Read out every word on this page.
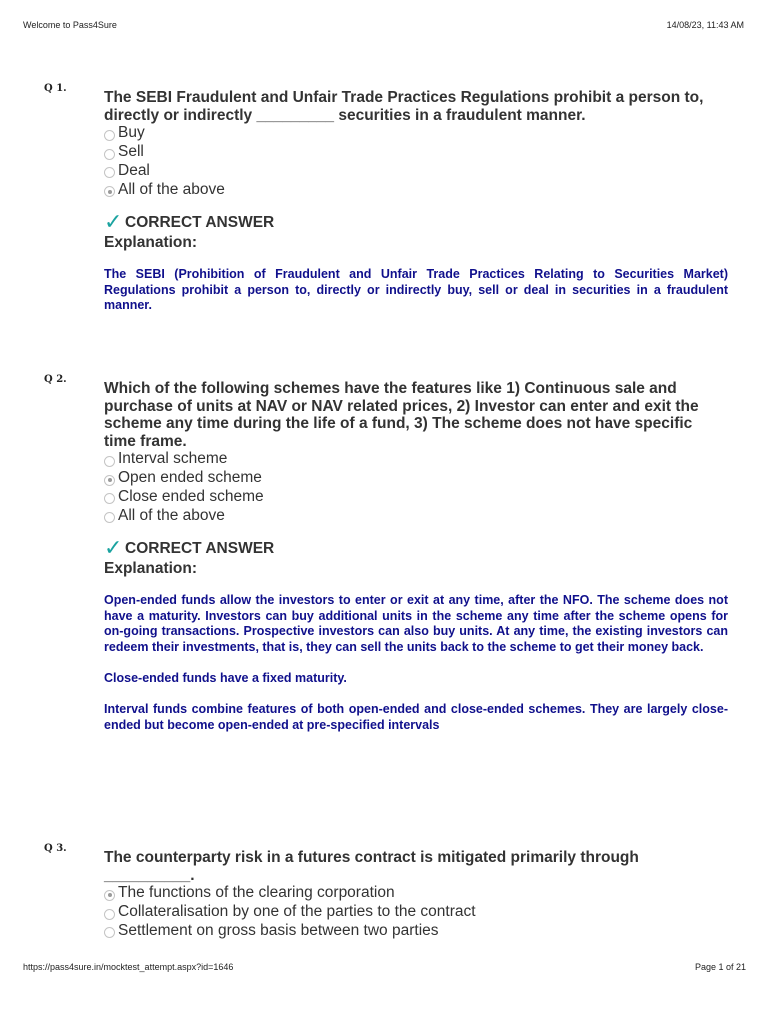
Welcome to Pass4Sure	14/08/23, 11:43 AM
Q 1.
The SEBI Fraudulent and Unfair Trade Practices Regulations prohibit a person to, directly or indirectly _________ securities in a fraudulent manner.
Buy
Sell
Deal
All of the above
✓ CORRECT ANSWER
Explanation:

The SEBI (Prohibition of Fraudulent and Unfair Trade Practices Relating to Securities Market) Regulations prohibit a person to, directly or indirectly buy, sell or deal in securities in a fraudulent manner.

Q 2.
Which of the following schemes have the features like 1) Continuous sale and purchase of units at NAV or NAV related prices, 2) Investor can enter and exit the scheme any time during the life of a fund, 3) The scheme does not have specific time frame.
Interval scheme
Open ended scheme
Close ended scheme
All of the above
✓ CORRECT ANSWER
Explanation:

Open-ended funds allow the investors to enter or exit at any time, after the NFO. The scheme does not have a maturity. Investors can buy additional units in the scheme any time after the scheme opens for on-going transactions. Prospective investors can also buy units. At any time, the existing investors can redeem their investments, that is, they can sell the units back to the scheme to get their money back.

Close-ended funds have a fixed maturity.

Interval funds combine features of both open-ended and close-ended schemes. They are largely close-ended but become open-ended at pre-specified intervals

Q 3.
The counterparty risk in a futures contract is mitigated primarily through __________.
The functions of the clearing corporation
Collateralisation by one of the parties to the contract
Settlement on gross basis between two parties
https://pass4sure.in/mocktest_attempt.aspx?id=1646	Page 1 of 21
